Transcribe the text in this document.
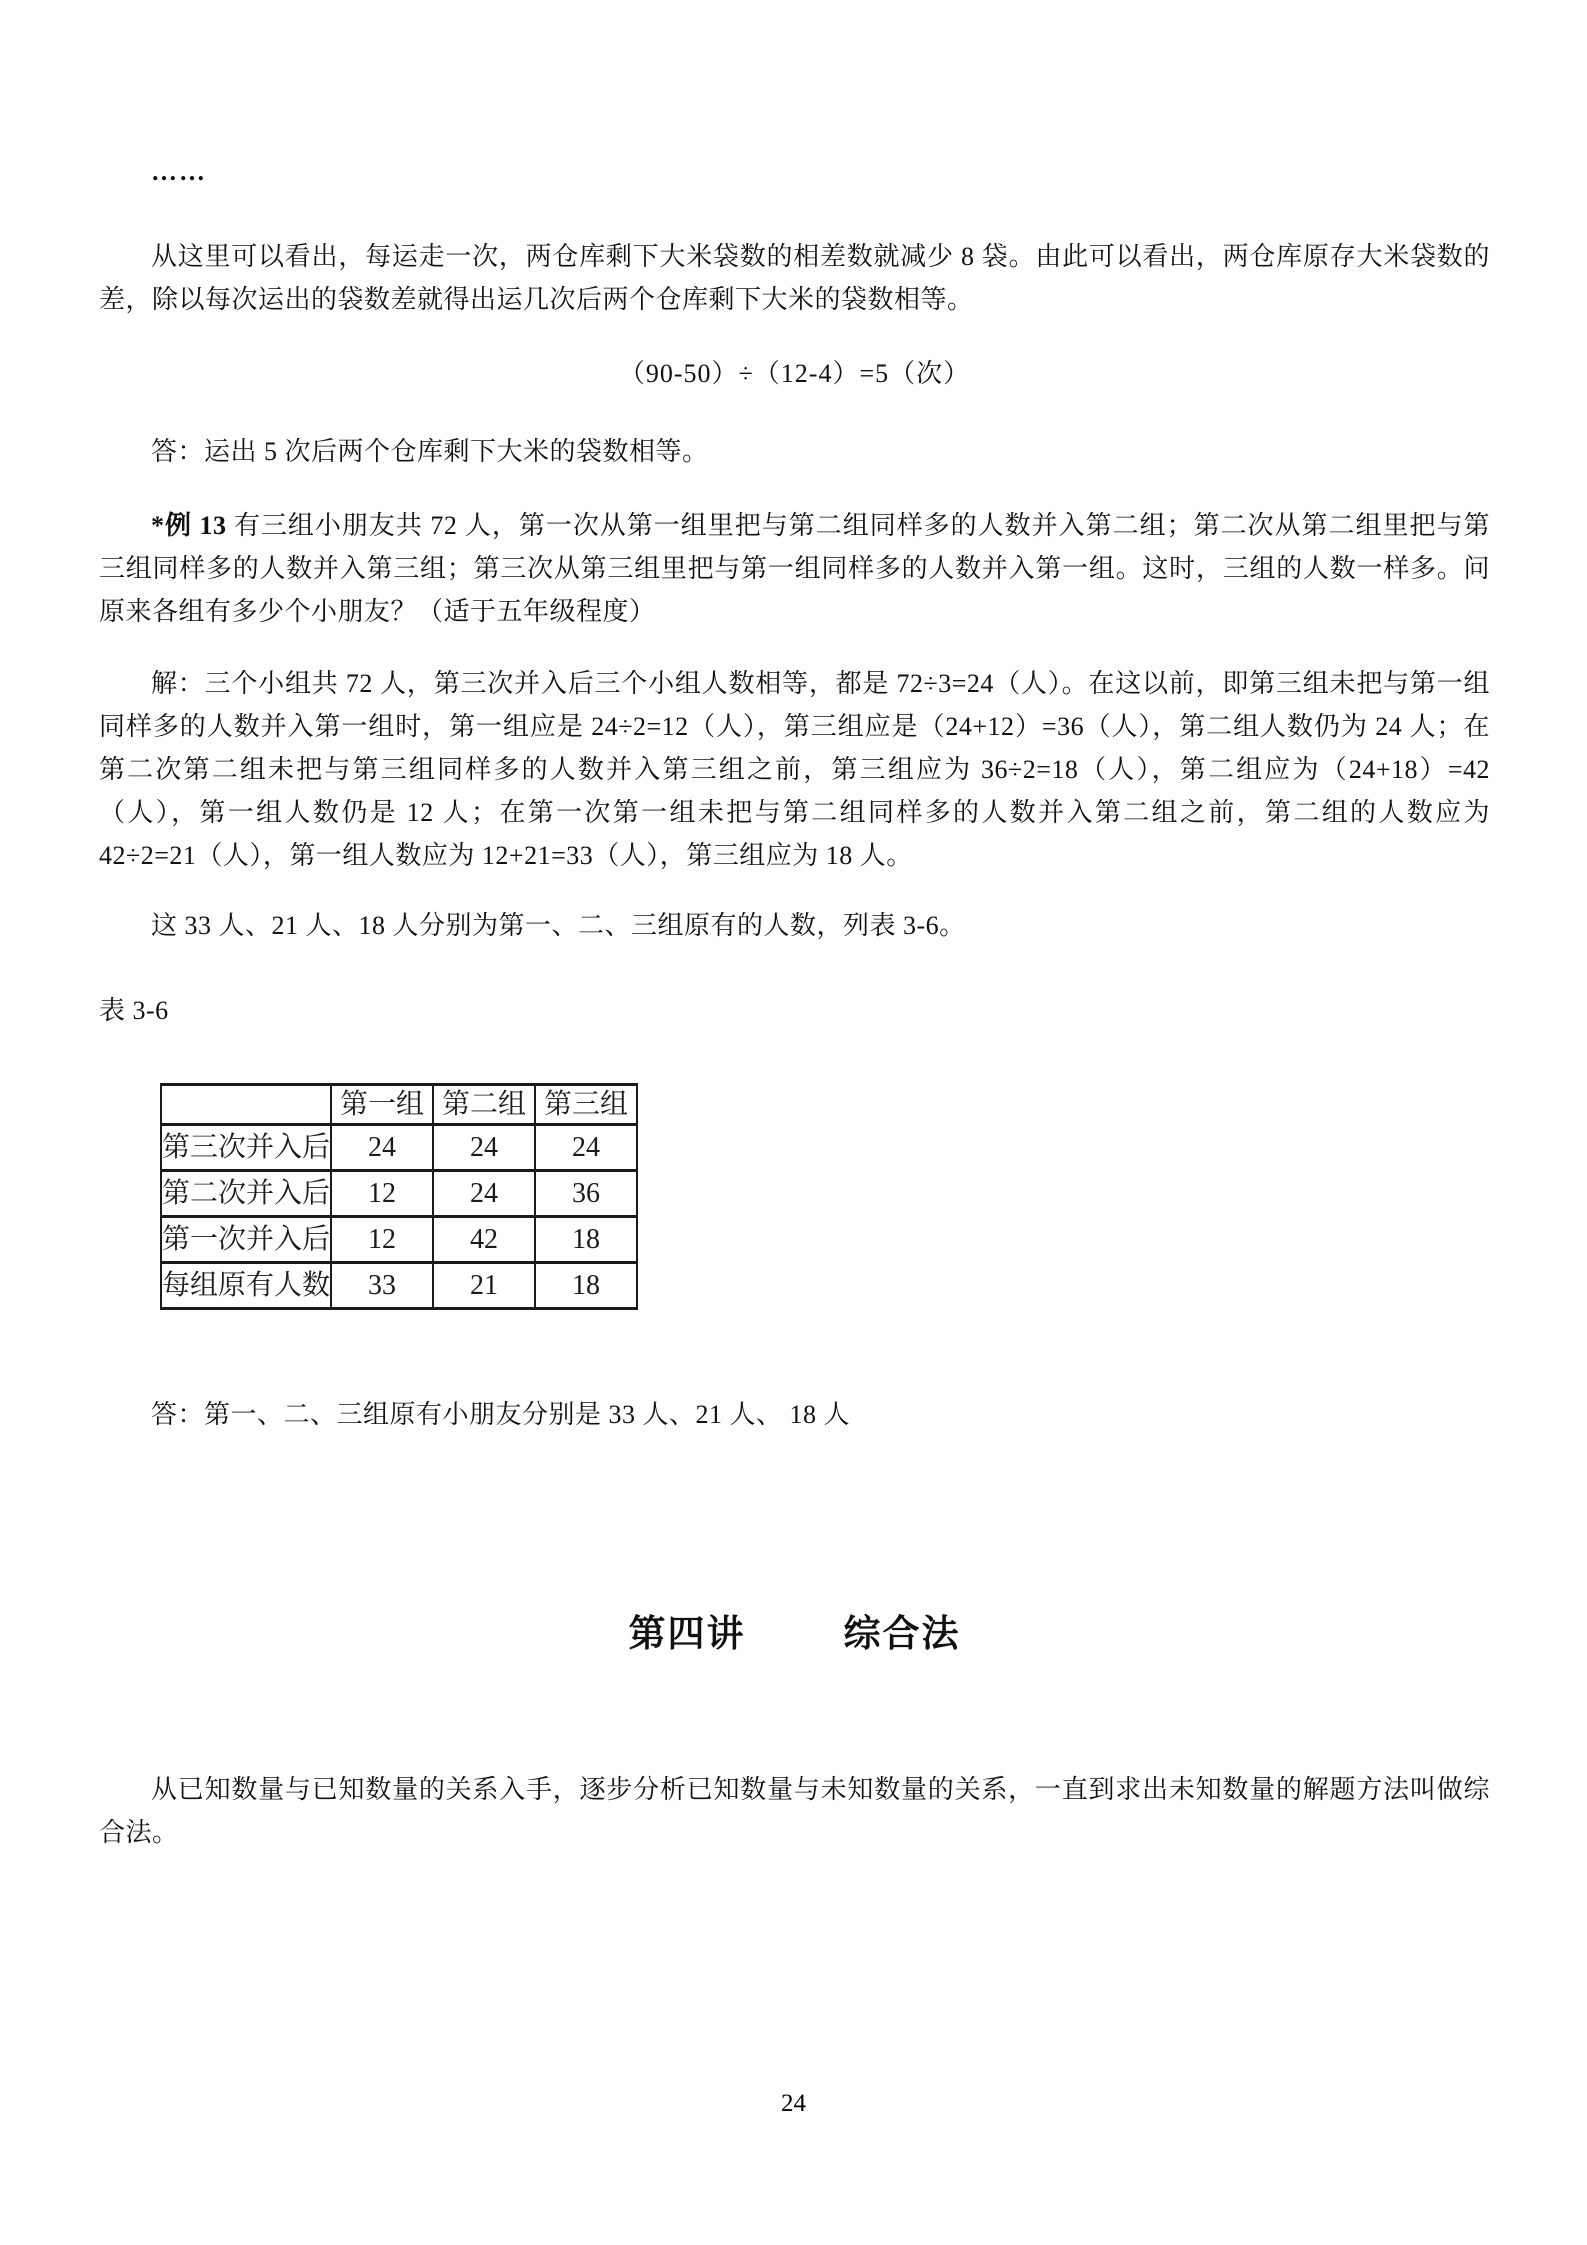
……

从这里可以看出，每运走一次，两仓库剩下大米袋数的相差数就减少 8 袋。由此可以看出，两仓库原存大米袋数的差，除以每次运出的袋数差就得出运几次后两个仓库剩下大米的袋数相等。

（90-50）÷（12-4）=5（次）

答：运出 5 次后两个仓库剩下大米的袋数相等。

*例 13 有三组小朋友共 72 人，第一次从第一组里把与第二组同样多的人数并入第二组；第二次从第二组里把与第三组同样多的人数并入第三组；第三次从第三组里把与第一组同样多的人数并入第一组。这时，三组的人数一样多。问原来各组有多少个小朋友？（适于五年级程度）

解：三个小组共 72 人，第三次并入后三个小组人数相等，都是 72÷3=24（人）。在这以前，即第三组未把与第一组同样多的人数并入第一组时，第一组应是 24÷2=12（人），第三组应是（24+12）=36（人），第二组人数仍为 24 人；在第二次第二组未把与第三组同样多的人数并入第三组之前，第三组应为 36÷2=18（人），第二组应为（24+18）=42（人），第一组人数仍是 12 人；在第一次第一组未把与第二组同样多的人数并入第二组之前，第二组的人数应为 42÷2=21（人），第一组人数应为 12+21=33（人），第三组应为 18 人。

这 33 人、21 人、18 人分别为第一、二、三组原有的人数，列表 3-6。

表 3-6

	第一组	第二组	第三组
第三次并入后	24	24	24
第二次并入后	12	24	36
第一次并入后	12	42	18
每组原有人数	33	21	18

答：第一、二、三组原有小朋友分别是 33 人、21 人、 18 人

第四讲	综合法

从已知数量与已知数量的关系入手，逐步分析已知数量与未知数量的关系，一直到求出未知数量的解题方法叫做综合法。

24
